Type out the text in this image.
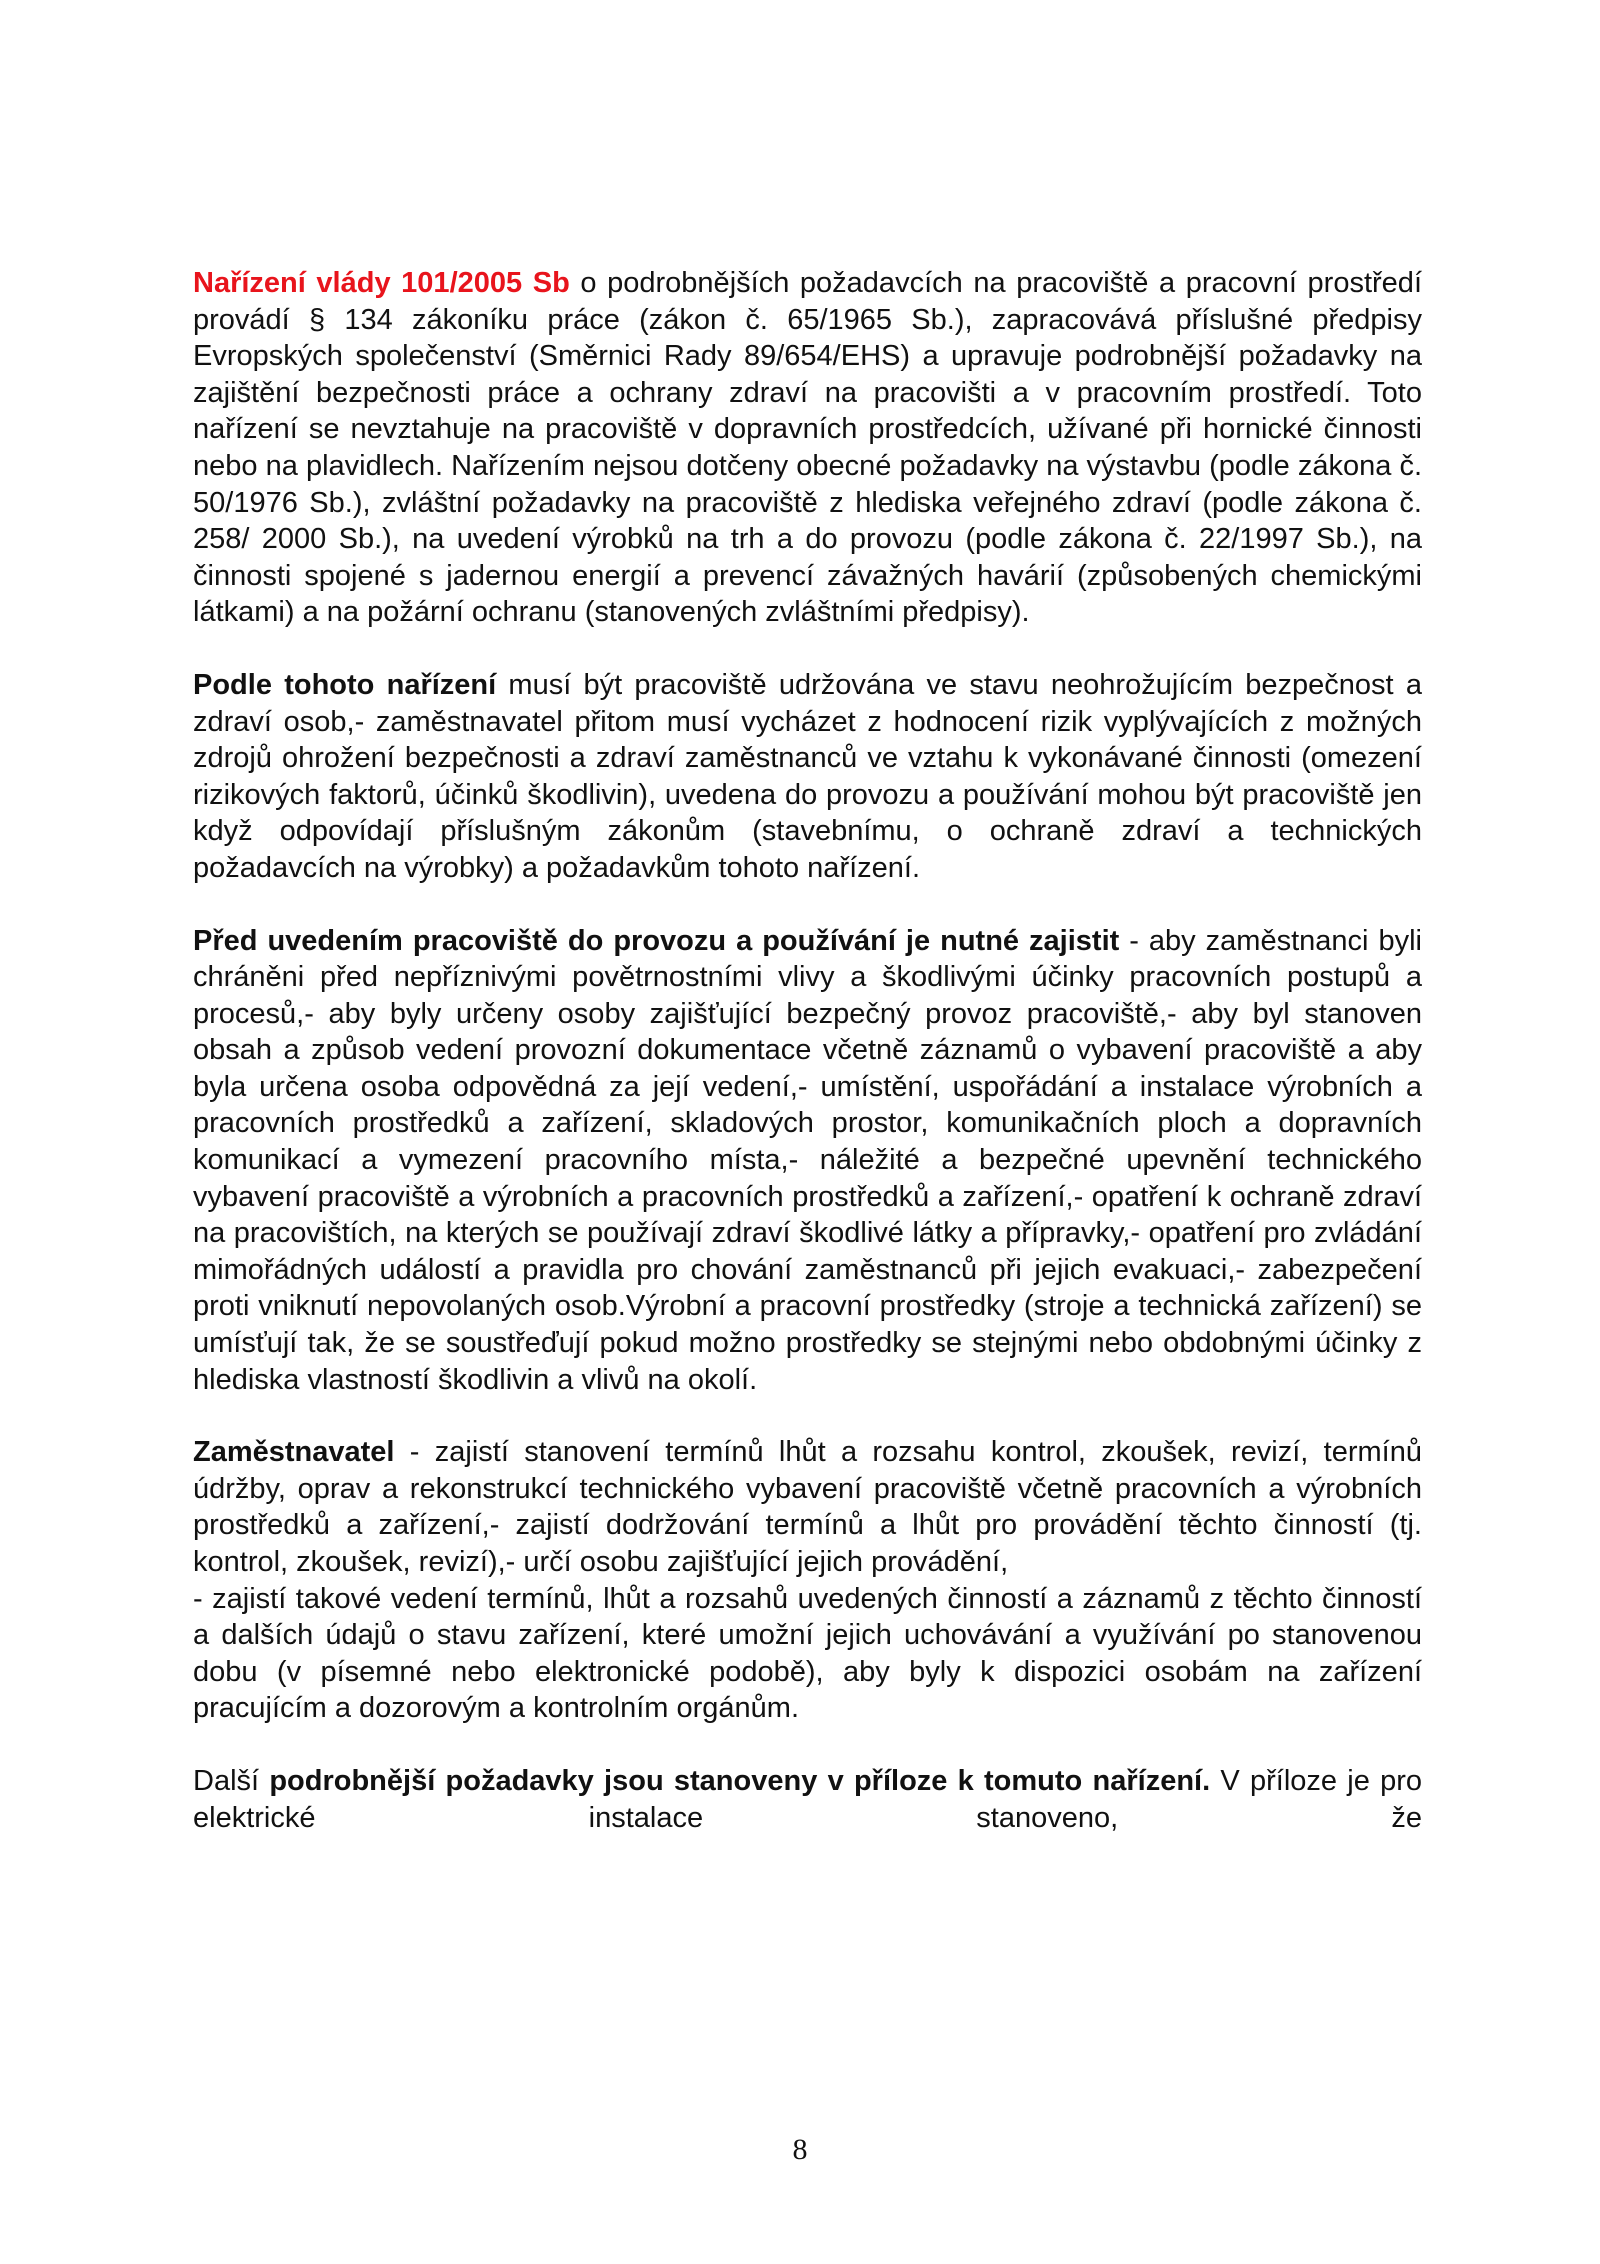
Nařízení vlády 101/2005 Sb o podrobnějších požadavcích na pracoviště a pracovní prostředí provádí § 134 zákoníku práce (zákon č. 65/1965 Sb.), zapracovává příslušné předpisy Evropských společenství (Směrnici Rady 89/654/EHS) a upravuje podrobnější požadavky na zajištění bezpečnosti práce a ochrany zdraví na pracovišti a v pracovním prostředí. Toto nařízení se nevztahuje na pracoviště v dopravních prostředcích, užívané při hornické činnosti nebo na plavidlech. Nařízením nejsou dotčeny obecné požadavky na výstavbu (podle zákona č. 50/1976 Sb.), zvláštní požadavky na pracoviště z hlediska veřejného zdraví (podle zákona č. 258/ 2000 Sb.), na uvedení výrobků na trh a do provozu (podle zákona č. 22/1997 Sb.), na činnosti spojené s jadernou energií a prevencí závažných havárií (způsobených chemickými látkami) a na požární ochranu (stanovených zvláštními předpisy).

Podle tohoto nařízení musí být pracoviště udržována ve stavu neohrožujícím bezpečnost a zdraví osob,- zaměstnavatel přitom musí vycházet z hodnocení rizik vyplývajících z možných zdrojů ohrožení bezpečnosti a zdraví zaměstnanců ve vztahu k vykonávané činnosti (omezení rizikových faktorů, účinků škodlivin), uvedena do provozu a používání mohou být pracoviště jen když odpovídají příslušným zákonům (stavebnímu, o ochraně zdraví a technických požadavcích na výrobky) a požadavkům tohoto nařízení.

Před uvedením pracoviště do provozu a používání je nutné zajistit - aby zaměstnanci byli chráněni před nepříznivými povětrnostními vlivy a škodlivými účinky pracovních postupů a procesů,- aby byly určeny osoby zajišťující bezpečný provoz pracoviště,- aby byl stanoven obsah a způsob vedení provozní dokumentace včetně záznamů o vybavení pracoviště a aby byla určena osoba odpovědná za její vedení,- umístění, uspořádání a instalace výrobních a pracovních prostředků a zařízení, skladových prostor, komunikačních ploch a dopravních komunikací a vymezení pracovního místa,- náležité a bezpečné upevnění technického vybavení pracoviště a výrobních a pracovních prostředků a zařízení,- opatření k ochraně zdraví na pracovištích, na kterých se používají zdraví škodlivé látky a přípravky,- opatření pro zvládání mimořádných událostí a pravidla pro chování zaměstnanců při jejich evakuaci,- zabezpečení proti vniknutí nepovolaných osob.Výrobní a pracovní prostředky (stroje a technická zařízení) se umísťují tak, že se soustřeďují pokud možno prostředky se stejnými nebo obdobnými účinky z hlediska vlastností škodlivin a vlivů na okolí.

Zaměstnavatel - zajistí stanovení termínů lhůt a rozsahu kontrol, zkoušek, revizí, termínů údržby, oprav a rekonstrukcí technického vybavení pracoviště včetně pracovních a výrobních prostředků a zařízení,- zajistí dodržování termínů a lhůt pro provádění těchto činností (tj. kontrol, zkoušek, revizí),- určí osobu zajišťující jejich provádění,
- zajistí takové vedení termínů, lhůt a rozsahů uvedených činností a záznamů z těchto činností a dalších údajů o stavu zařízení, které umožní jejich uchovávání a využívání po stanovenou dobu (v písemné nebo elektronické podobě), aby byly k dispozici osobám na zařízení pracujícím a dozorovým a kontrolním orgánům.

Další podrobnější požadavky jsou stanoveny v příloze k tomuto nařízení. V příloze je pro elektrické instalace stanoveno, že

8
